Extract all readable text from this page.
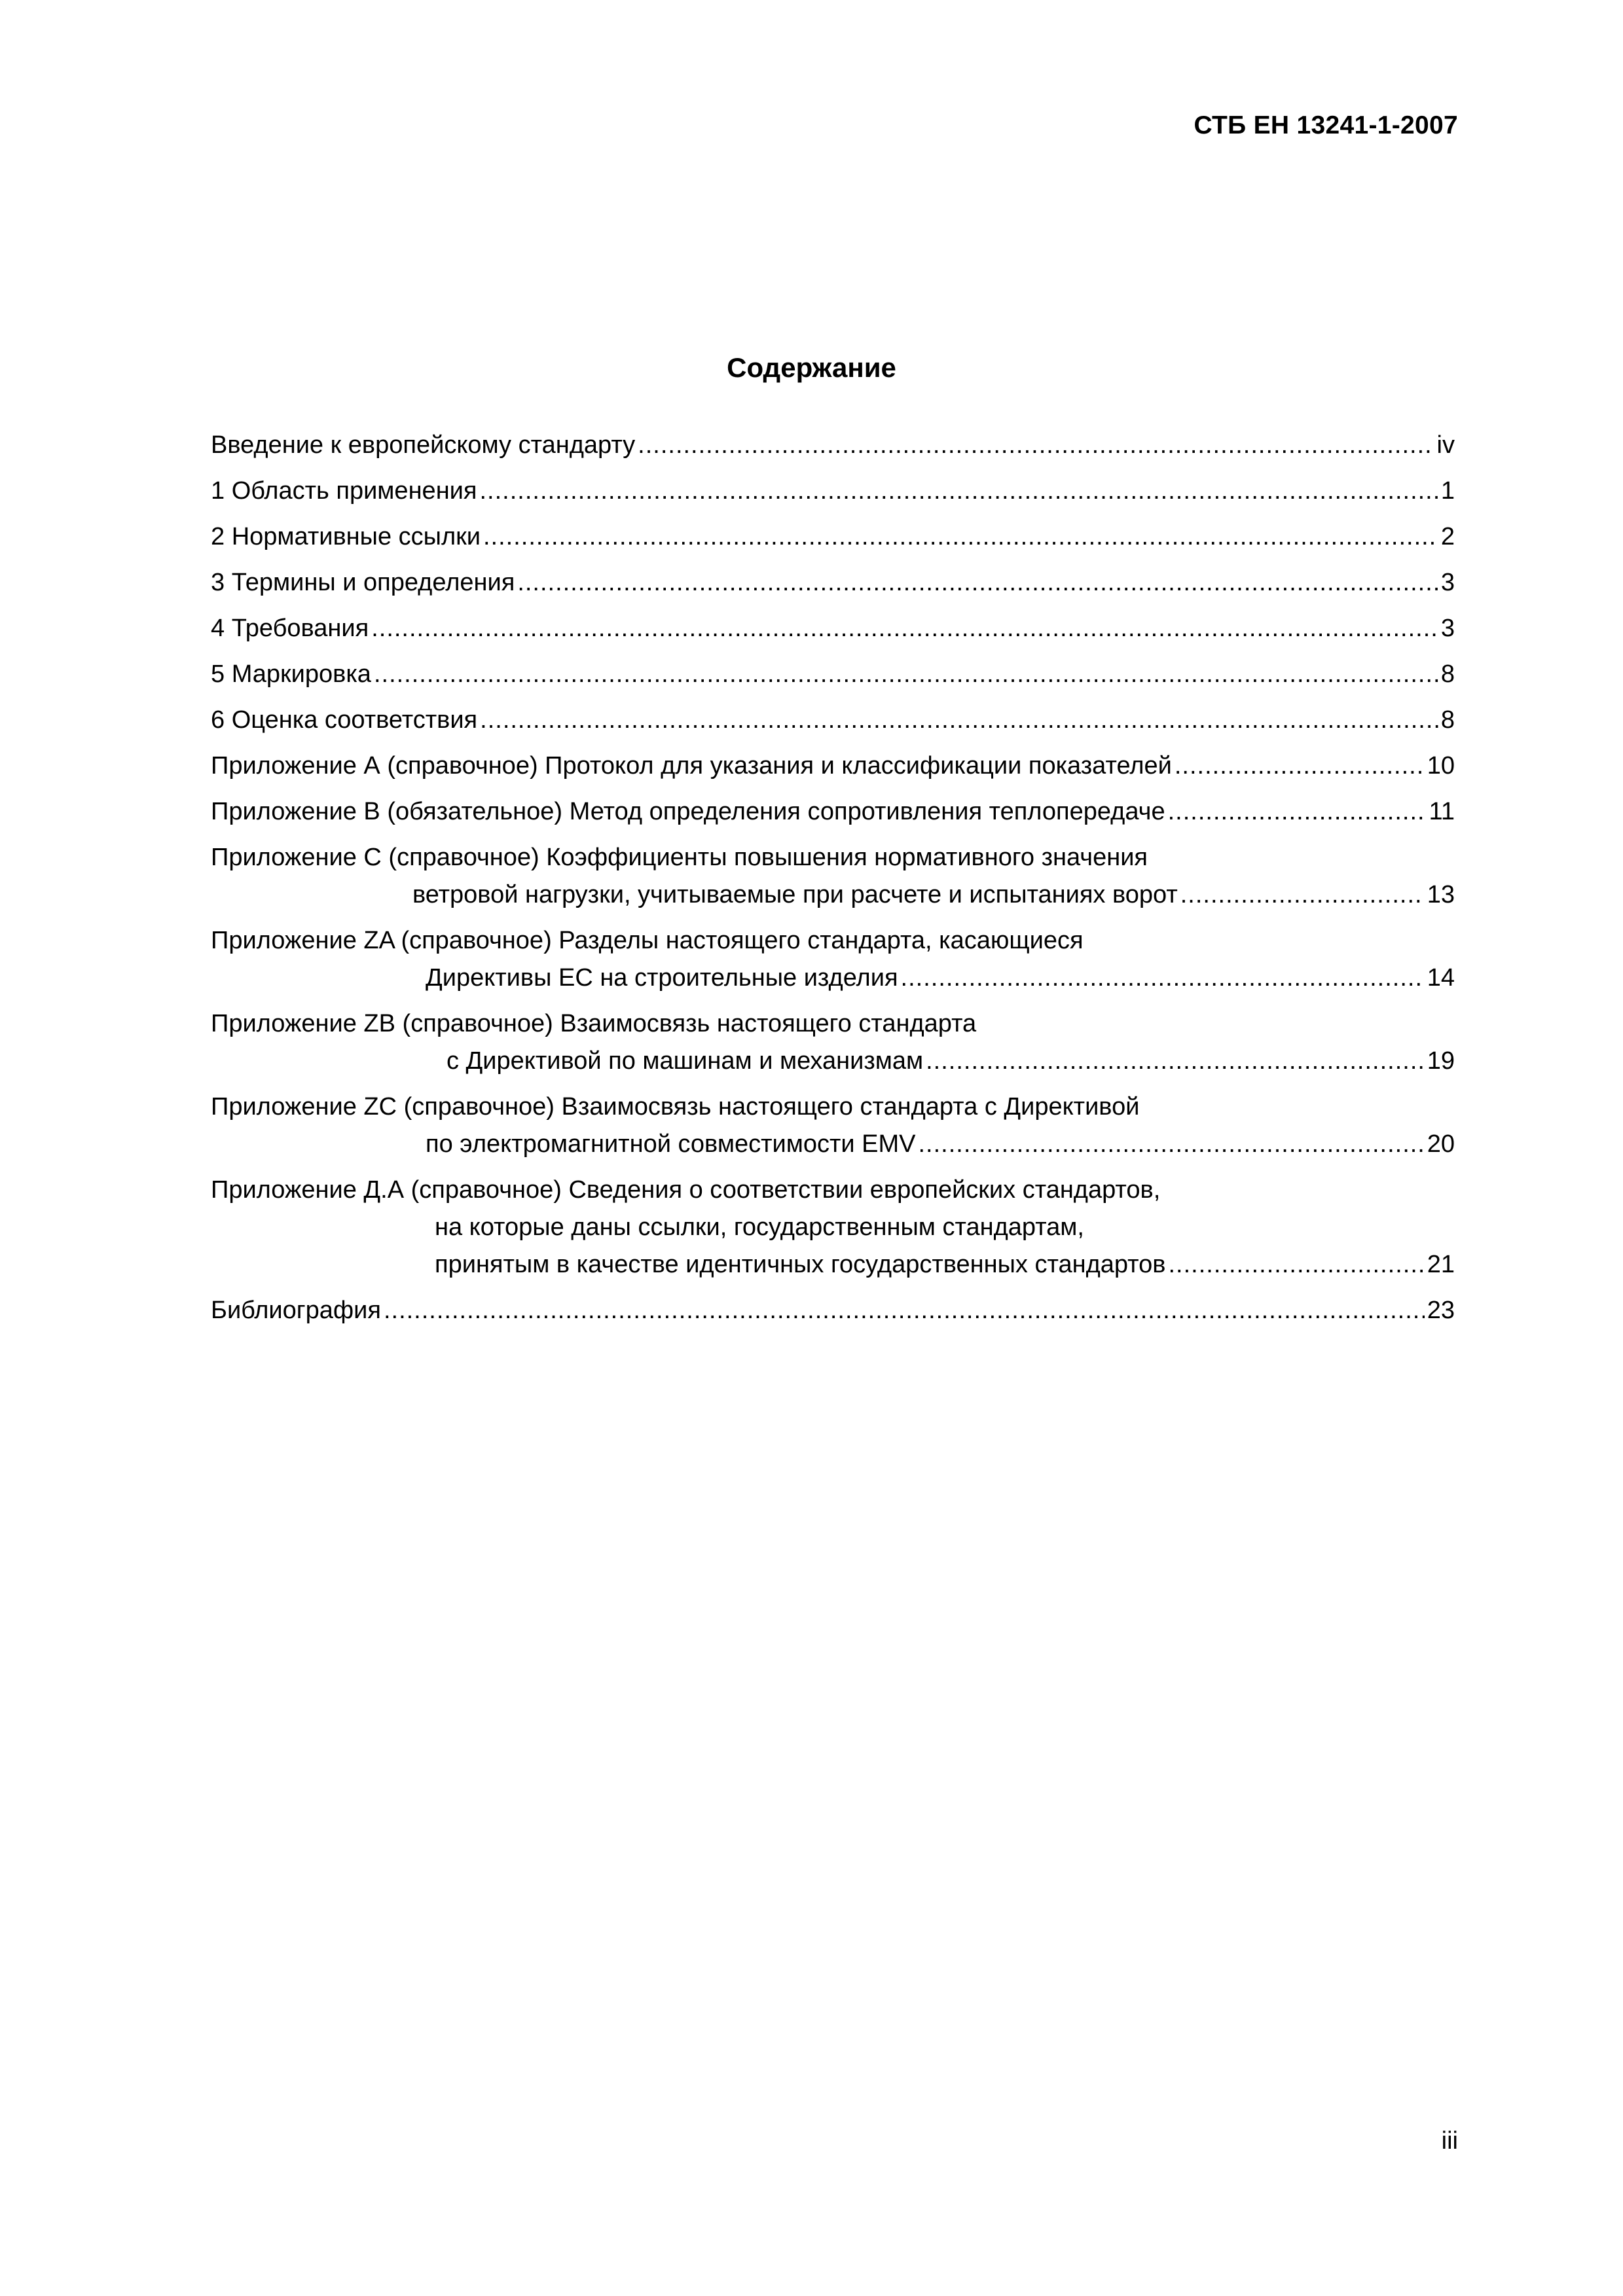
СТБ ЕН 13241-1-2007
Содержание
Введение к европейскому стандарту .....	iv
1 Область применения .....	1
2 Нормативные ссылки .....	2
3 Термины и определения .....	3
4 Требования .....	3
5 Маркировка .....	8
6 Оценка соответствия .....	8
Приложение А (справочное) Протокол для указания и классификации показателей .....	10
Приложение В (обязательное) Метод определения сопротивления теплопередаче .....	11
Приложение С (справочное) Коэффициенты повышения нормативного значения
ветровой нагрузки, учитываемые при расчете и испытаниях ворот .....	13
Приложение ZA (справочное) Разделы настоящего стандарта, касающиеся
Директивы ЕС на строительные изделия .....	14
Приложение ZB (справочное) Взаимосвязь настоящего стандарта
с Директивой по машинам и механизмам .....	19
Приложение ZC (справочное) Взаимосвязь настоящего стандарта с Директивой
по электромагнитной совместимости EMV .....	20
Приложение Д.А (справочное) Сведения о соответствии европейских стандартов,
на которые даны ссылки, государственным стандартам,
принятым в качестве идентичных государственных стандартов .....	21
Библиография .....	23
iii
